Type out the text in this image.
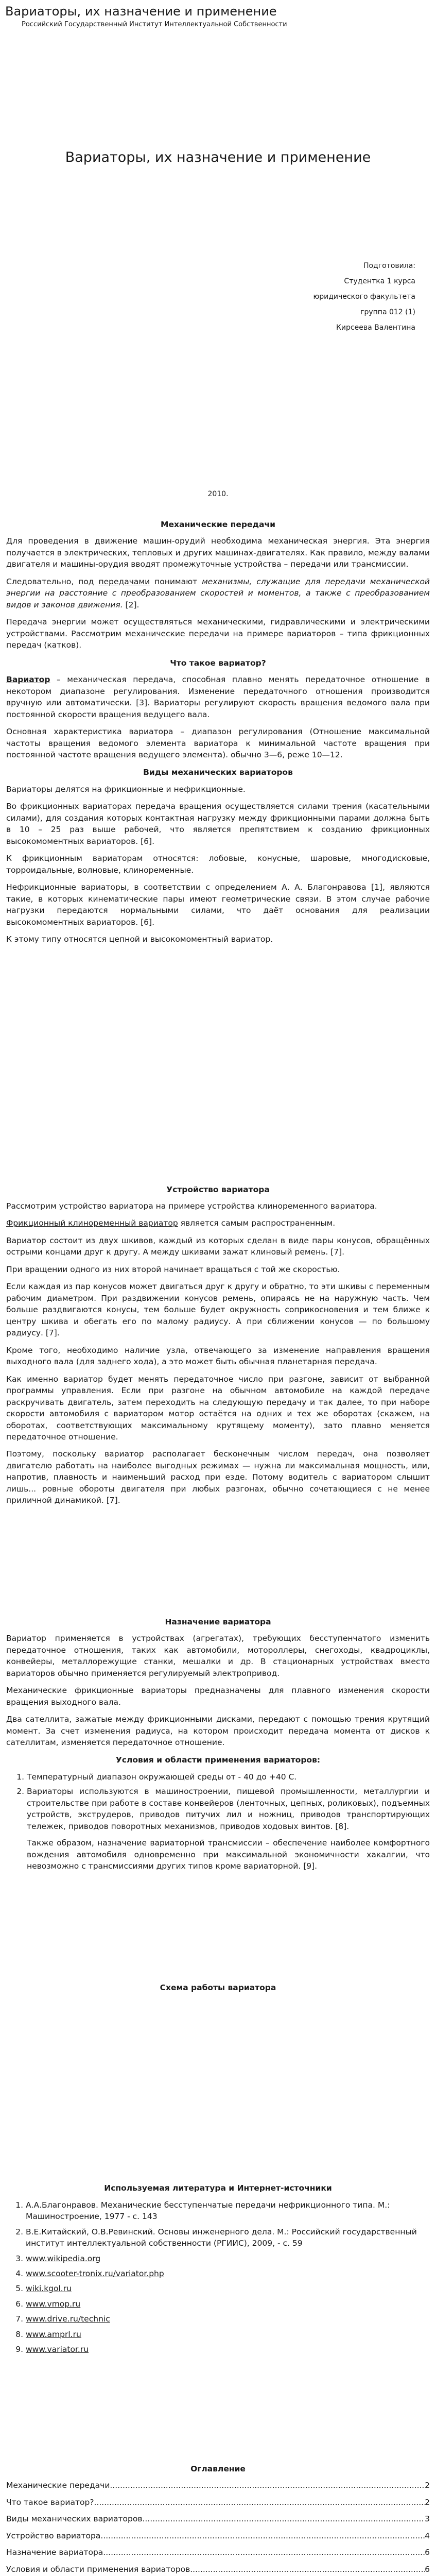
Вариаторы, их назначение и применение
Российский Государственный Институт Интеллектуальной Собственности
Вариаторы, их назначение и применение
Подготовила:
Студентка 1 курса
юридического факультета
группа 012 (1)
Кирсеева Валентина
2010.
Механические передачи

Для проведения в движение машин-орудий необходима механическая энергия. Эта энергия получается в электрических, тепловых и других машинах-двигателях. Как правило, между валами двигателя и машины-орудия вводят промежуточные устройства – передачи или трансмиссии.

Следовательно, под передачами понимают механизмы, служащие для передачи механической энергии на расстояние с преобразованием скоростей и моментов, а также с преобразованием видов и законов движения. [2].

Передача энергии может осуществляться механическими, гидравлическими и электрическими устройствами. Рассмотрим механические передачи на примере вариаторов – типа фрикционных передач (катков).

Что такое вариатор?

Вариатор – механическая передача, способная плавно менять передаточное отношение в некотором диапазоне регулирования. Изменение передаточного отношения производится вручную или автоматически. [3]. Вариаторы регулируют скорость вращения ведомого вала при постоянной скорости вращения ведущего вала.

Основная характеристика вариатора – диапазон регулирования (Отношение максимальной частоты вращения ведомого элемента вариатора к минимальной частоте вращения при постоянной частоте вращения ведущего элемента). обычно 3—6, реже 10—12.

Виды механических вариаторов

Вариаторы делятся на фрикционные и нефрикционные.

Во фрикционных вариаторах передача вращения осуществляется силами трения (касательными силами), для создания которых контактная нагрузку между фрикционными парами должна быть в 10 – 25 раз выше рабочей, что является препятствием к созданию фрикционных высокомоментных вариаторов. [6].

К фрикционным вариаторам относятся: лобовые, конусные, шаровые, многодисковые, торроидальные, волновые, клиноременные.

Нефрикционные вариаторы, в соответствии с определением А. А. Благонравова [1], являются такие, в которых кинематические пары имеют геометрические связи. В этом случае рабочие нагрузки передаются нормальными силами, что даёт основания для реализации высокомоментных вариаторов. [6].

К этому типу относятся цепной и высокомоментный вариатор.

Устройство вариатора

Рассмотрим устройство вариатора на примере устройства клиноременного вариатора.

Фрикционный клиноременный вариатор является самым распространенным.

Вариатор состоит из двух шкивов, каждый из которых сделан в виде пары конусов, обращённых острыми концами друг к другу. А между шкивами зажат клиновый ремень. [7].

При вращении одного из них второй начинает вращаться с той же скоростью.

Если каждая из пар конусов может двигаться друг к другу и обратно, то эти шкивы с переменным рабочим диаметром. При раздвижении конусов ремень, опираясь не на наружную часть. Чем больше раздвигаются конусы, тем больше будет окружность соприкосновения и тем ближе к центру шкива и обегать его по малому радиусу. А при сближении конусов — по большому радиусу. [7].

Кроме того, необходимо наличие узла, отвечающего за изменение направления вращения выходного вала (для заднего хода), а это может быть обычная планетарная передача.

Как именно вариатор будет менять передаточное число при разгоне, зависит от выбранной программы управления. Если при разгоне на обычном автомобиле на каждой передаче раскручивать двигатель, затем переходить на следующую передачу и так далее, то при наборе скорости автомобиля с вариатором мотор остаётся на одних и тех же оборотах (скажем, на оборотах, соответствующих максимальному крутящему моменту), зато плавно меняется передаточное отношение.

Поэтому, поскольку вариатор располагает бесконечным числом передач, она позволяет двигателю работать на наиболее выгодных режимах — нужна ли максимальная мощность, или, напротив, плавность и наименьший расход при езде. Потому водитель с вариатором слышит лишь... ровные обороты двигателя при любых разгонах, обычно сочетающиеся с не менее приличной динамикой. [7].

Назначение вариатора

Вариатор применяется в устройствах (агрегатах), требующих бесступенчатого изменить передаточное отношения, таких как автомобили, мотороллеры, снегоходы, квадроциклы, конвейеры, металлорежущие станки, мешалки и др. В стационарных устройствах вместо вариаторов обычно применяется регулируемый электропривод.

Механические фрикционные вариаторы предназначены для плавного изменения скорости вращения выходного вала.

Два сателлита, зажатые между фрикционными дисками, передают с помощью трения крутящий момент. За счет изменения радиуса, на котором происходит передача момента от дисков к сателлитам, изменяется передаточное отношение.

Условия и области применения вариаторов:
1. Температурный диапазон окружающей среды от - 40 до +40 С.
2. Вариаторы используются в машиностроении, пищевой промышленности, металлургии и строительстве при работе в составе конвейеров (ленточных, цепных, роликовых), подъемных устройств, экструдеров, приводов питучих лил и ножниц, приводов транспортирующих тележек, приводов поворотных механизмов, приводов ходовых винтов. [8].

Также образом, назначение вариаторной трансмиссии – обеспечение наиболее комфортного вождения автомобиля одновременно при максимальной экономичности хакалгии, что невозможно с трансмиссиями других типов кроме вариаторной. [9].

Схема работы вариатора
Используемая литература и Интернет-источники
1. А.А.Благонравов. Механические бесступенчатые передачи нефрикционного типа. М.: Машиностроение, 1977 - с. 143
2. В.Е.Китайский, О.В.Ревинский. Основы инженерного дела. М.: Российский государственный институт интеллектуальной собственности (РГИИС), 2009, - с. 59
3. www.wikipedia.org
4. www.scooter-tronix.ru/variator.php
5. wiki.kgol.ru
6. www.vmop.ru
7. www.drive.ru/technic
8. www.amprl.ru
9. www.variator.ru
Оглавление
Механические передачи .....	2
Что такое вариатор? .....	2
Виды механических вариаторов .....	3
Устройство вариатора .....	4
Назначение вариатора .....	6
Условия и области применения вариаторов .....	6
